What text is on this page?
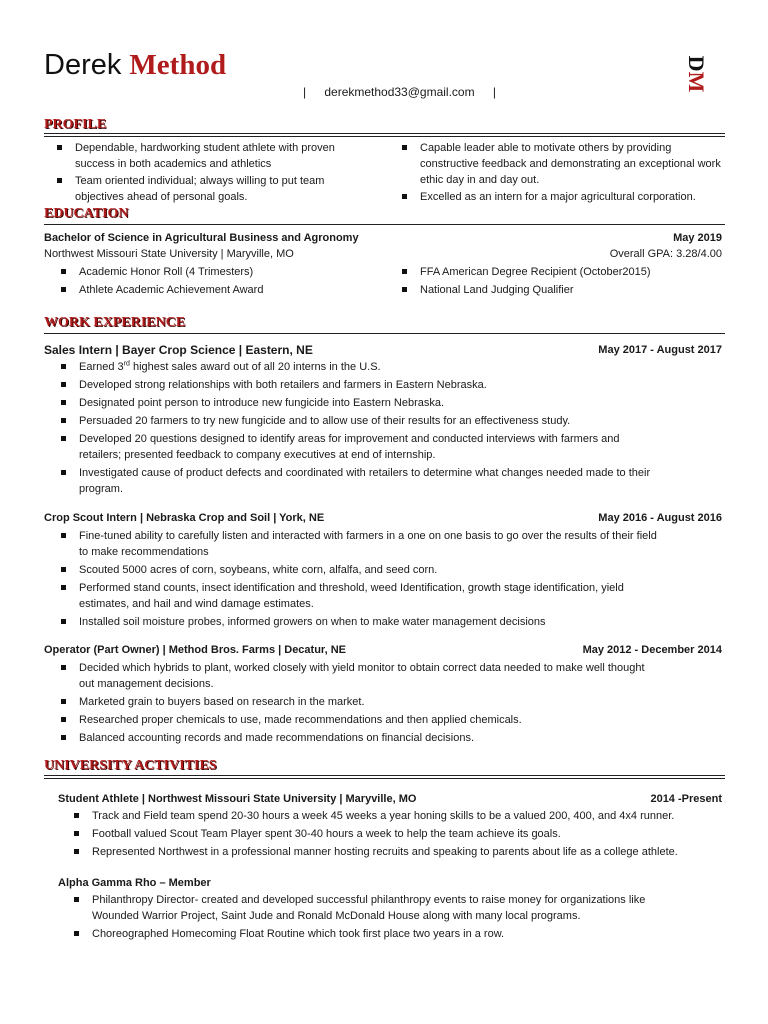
Derek Method
| derekmethod33@gmail.com |
DM
PROFILE
Dependable, hardworking student athlete with proven success in both academics and athletics
Team oriented individual; always willing to put team objectives ahead of personal goals.
Capable leader able to motivate others by providing constructive feedback and demonstrating an exceptional work ethic day in and day out.
Excelled as an intern for a major agricultural corporation.
EDUCATION
Bachelor of Science in Agricultural Business and Agronomy	May 2019
Northwest Missouri State University | Maryville, MO	Overall GPA: 3.28/4.00
Academic Honor Roll (4 Trimesters)
Athlete Academic Achievement Award
FFA American Degree Recipient (October2015)
National Land Judging Qualifier
WORK EXPERIENCE
Sales Intern | Bayer Crop Science | Eastern, NE	May 2017 - August 2017
Earned 3rd highest sales award out of all 20 interns in the U.S.
Developed strong relationships with both retailers and farmers in Eastern Nebraska.
Designated point person to introduce new fungicide into Eastern Nebraska.
Persuaded 20 farmers to try new fungicide and to allow use of their results for an effectiveness study.
Developed 20 questions designed to identify areas for improvement and conducted interviews with farmers and retailers; presented feedback to company executives at end of internship.
Investigated cause of product defects and coordinated with retailers to determine what changes needed made to their program.
Crop Scout Intern | Nebraska Crop and Soil | York, NE	May 2016 - August 2016
Fine-tuned ability to carefully listen and interacted with farmers in a one on one basis to go over the results of their field to make recommendations
Scouted 5000 acres of corn, soybeans, white corn, alfalfa, and seed corn.
Performed stand counts, insect identification and threshold, weed Identification, growth stage identification, yield estimates, and hail and wind damage estimates.
Installed soil moisture probes, informed growers on when to make water management decisions
Operator (Part Owner) | Method Bros. Farms | Decatur, NE	May 2012 - December 2014
Decided which hybrids to plant, worked closely with yield monitor to obtain correct data needed to make well thought out management decisions.
Marketed grain to buyers based on research in the market.
Researched proper chemicals to use, made recommendations and then applied chemicals.
Balanced accounting records and made recommendations on financial decisions.
UNIVERSITY ACTIVITIES
Student Athlete | Northwest Missouri State University | Maryville, MO	2014 -Present
Track and Field team spend 20-30 hours a week 45 weeks a year honing skills to be a valued 200, 400, and 4x4 runner.
Football valued Scout Team Player spent 30-40 hours a week to help the team achieve its goals.
Represented Northwest in a professional manner hosting recruits and speaking to parents about life as a college athlete.
Alpha Gamma Rho – Member
Philanthropy Director- created and developed successful philanthropy events to raise money for organizations like Wounded Warrior Project, Saint Jude and Ronald McDonald House along with many local programs.
Choreographed Homecoming Float Routine which took first place two years in a row.
